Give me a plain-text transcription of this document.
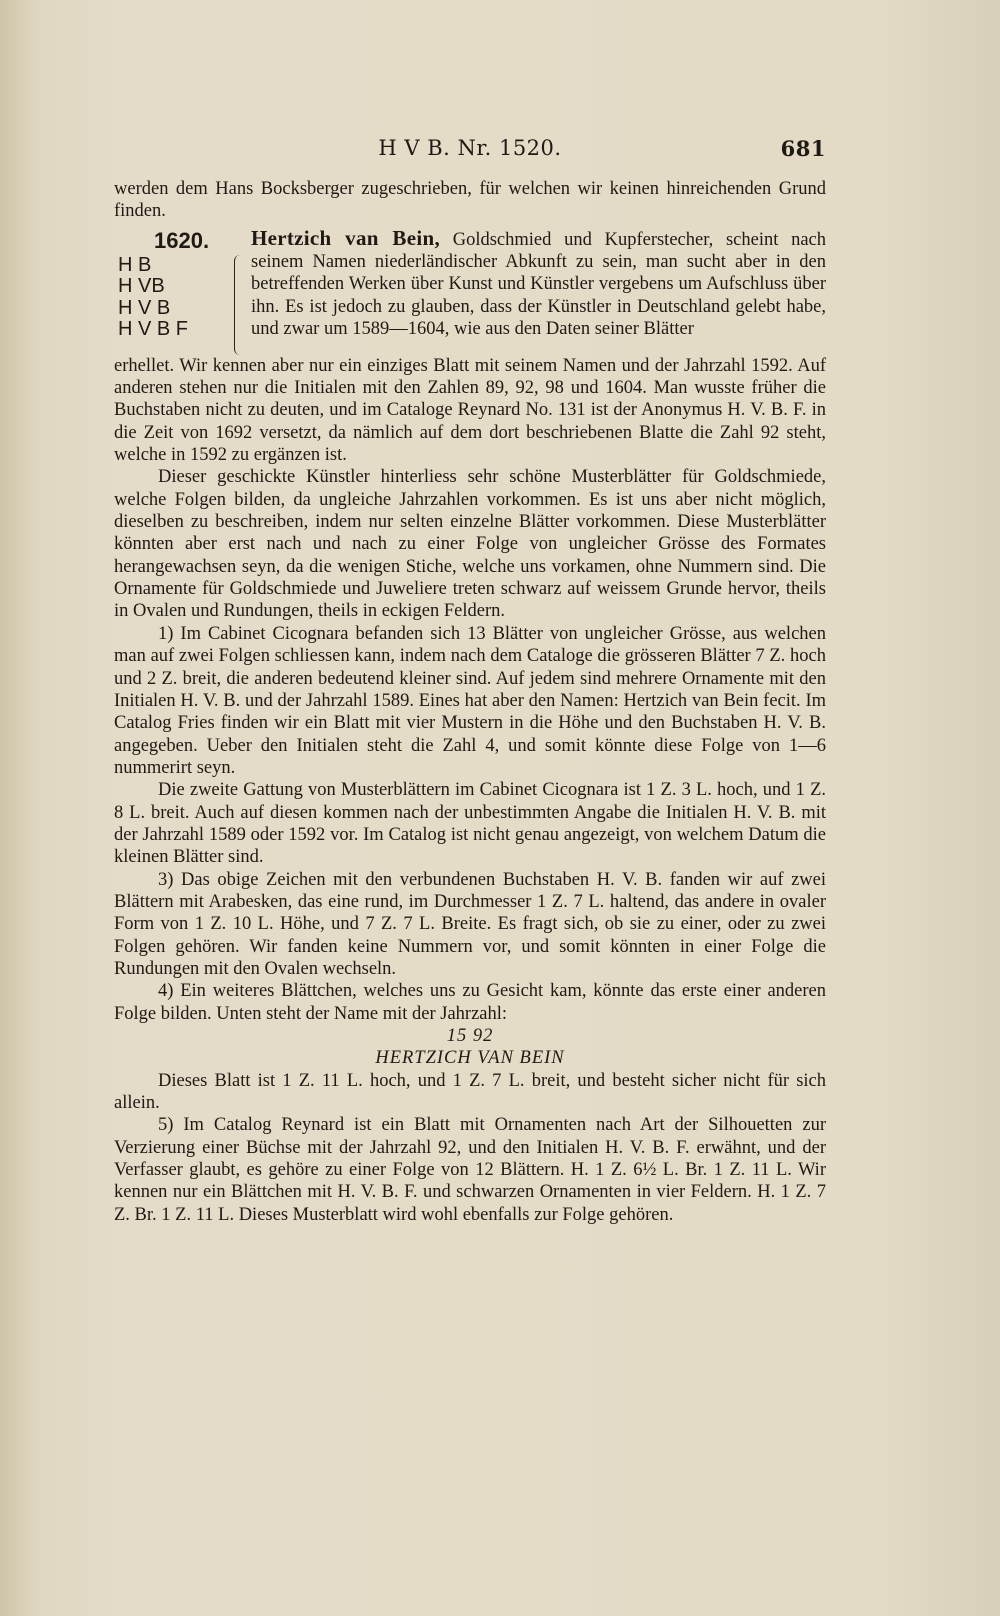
H V B. Nr. 1520.	681

werden dem Hans Bocksberger zugeschrieben, für welchen wir keinen hinreichenden Grund finden.

1620.
H B
H VB
H V B
H V B F
Hertzich van Bein, Goldschmied und Kupferstecher, scheint nach seinem Namen niederländischer Abkunft zu sein, man sucht aber in den betreffenden Werken über Kunst und Künstler vergebens um Aufschluss über ihn. Es ist jedoch zu glauben, dass der Künstler in Deutschland gelebt habe, und zwar um 1589—1604, wie aus den Daten seiner Blätter

erhellet. Wir kennen aber nur ein einziges Blatt mit seinem Namen und der Jahrzahl 1592. Auf anderen stehen nur die Initialen mit den Zahlen 89, 92, 98 und 1604. Man wusste früher die Buchstaben nicht zu deuten, und im Cataloge Reynard No. 131 ist der Anonymus H. V. B. F. in die Zeit von 1692 versetzt, da nämlich auf dem dort beschriebenen Blatte die Zahl 92 steht, welche in 1592 zu ergänzen ist.

Dieser geschickte Künstler hinterliess sehr schöne Musterblätter für Goldschmiede, welche Folgen bilden, da ungleiche Jahrzahlen vorkommen. Es ist uns aber nicht möglich, dieselben zu beschreiben, indem nur selten einzelne Blätter vorkommen. Diese Musterblätter könnten aber erst nach und nach zu einer Folge von ungleicher Grösse des Formates herangewachsen seyn, da die wenigen Stiche, welche uns vorkamen, ohne Nummern sind. Die Ornamente für Goldschmiede und Juweliere treten schwarz auf weissem Grunde hervor, theils in Ovalen und Rundungen, theils in eckigen Feldern.

1) Im Cabinet Cicognara befanden sich 13 Blätter von ungleicher Grösse, aus welchen man auf zwei Folgen schliessen kann, indem nach dem Cataloge die grösseren Blätter 7 Z. hoch und 2 Z. breit, die anderen bedeutend kleiner sind. Auf jedem sind mehrere Ornamente mit den Initialen H. V. B. und der Jahrzahl 1589. Eines hat aber den Namen: Hertzich van Bein fecit. Im Catalog Fries finden wir ein Blatt mit vier Mustern in die Höhe und den Buchstaben H. V. B. angegeben. Ueber den Initialen steht die Zahl 4, und somit könnte diese Folge von 1—6 nummerirt seyn.

Die zweite Gattung von Musterblättern im Cabinet Cicognara ist 1 Z. 3 L. hoch, und 1 Z. 8 L. breit. Auch auf diesen kommen nach der unbestimmten Angabe die Initialen H. V. B. mit der Jahrzahl 1589 oder 1592 vor. Im Catalog ist nicht genau angezeigt, von welchem Datum die kleinen Blätter sind.

3) Das obige Zeichen mit den verbundenen Buchstaben H. V. B. fanden wir auf zwei Blättern mit Arabesken, das eine rund, im Durchmesser 1 Z. 7 L. haltend, das andere in ovaler Form von 1 Z. 10 L. Höhe, und 7 Z. 7 L. Breite. Es fragt sich, ob sie zu einer, oder zu zwei Folgen gehören. Wir fanden keine Nummern vor, und somit könnten in einer Folge die Rundungen mit den Ovalen wechseln.

4) Ein weiteres Blättchen, welches uns zu Gesicht kam, könnte das erste einer anderen Folge bilden. Unten steht der Name mit der Jahrzahl:

15 92

HERTZICH VAN BEIN

Dieses Blatt ist 1 Z. 11 L. hoch, und 1 Z. 7 L. breit, und besteht sicher nicht für sich allein.

5) Im Catalog Reynard ist ein Blatt mit Ornamenten nach Art der Silhouetten zur Verzierung einer Büchse mit der Jahrzahl 92, und den Initialen H. V. B. F. erwähnt, und der Verfasser glaubt, es gehöre zu einer Folge von 12 Blättern. H. 1 Z. 6½ L. Br. 1 Z. 11 L. Wir kennen nur ein Blättchen mit H. V. B. F. und schwarzen Ornamenten in vier Feldern. H. 1 Z. 7 Z. Br. 1 Z. 11 L. Dieses Musterblatt wird wohl ebenfalls zur Folge gehören.
